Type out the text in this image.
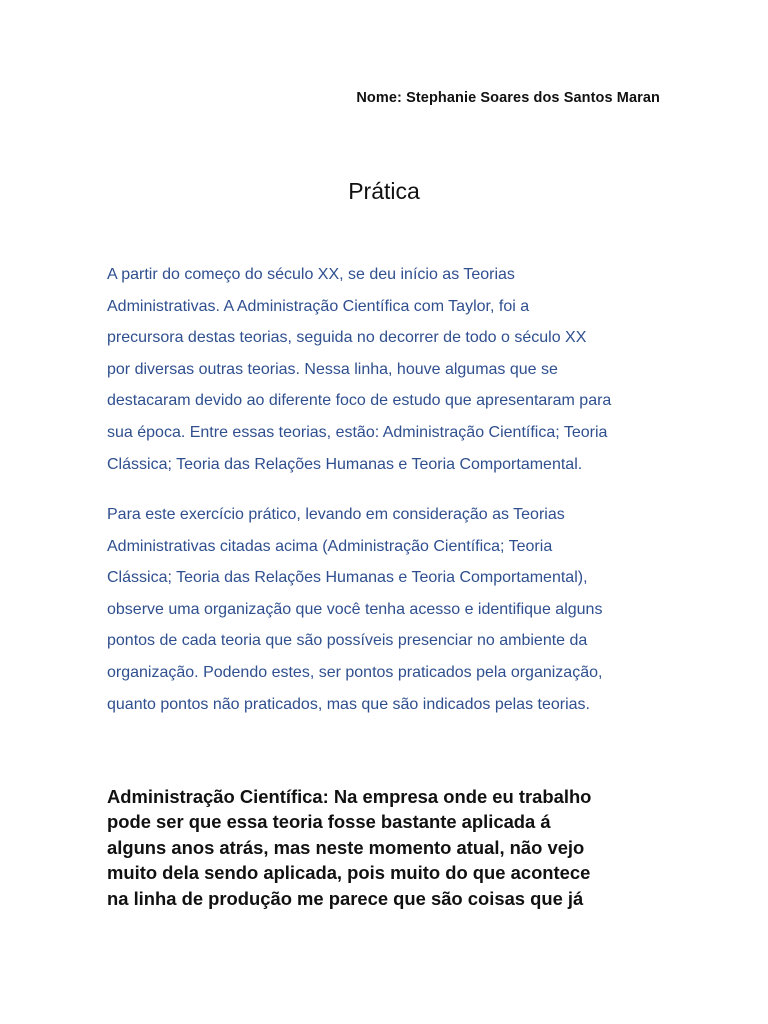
Nome: Stephanie Soares dos Santos Maran
Prática

A partir do começo do século XX, se deu início as Teorias
Administrativas. A Administração Científica com Taylor, foi a
precursora destas teorias, seguida no decorrer de todo o século XX
por diversas outras teorias. Nessa linha, houve algumas que se
destacaram devido ao diferente foco de estudo que apresentaram para
sua época. Entre essas teorias, estão: Administração Científica; Teoria
Clássica; Teoria das Relações Humanas e Teoria Comportamental.

Para este exercício prático, levando em consideração as Teorias
Administrativas citadas acima (Administração Científica; Teoria
Clássica; Teoria das Relações Humanas e Teoria Comportamental),
observe uma organização que você tenha acesso e identifique alguns
pontos de cada teoria que são possíveis presenciar no ambiente da
organização. Podendo estes, ser pontos praticados pela organização,
quanto pontos não praticados, mas que são indicados pelas teorias.

Administração Científica: Na empresa onde eu trabalho
pode ser que essa teoria fosse bastante aplicada á
alguns anos atrás, mas neste momento atual, não vejo
muito dela sendo aplicada, pois muito do que acontece
na linha de produção me parece que são coisas que já
